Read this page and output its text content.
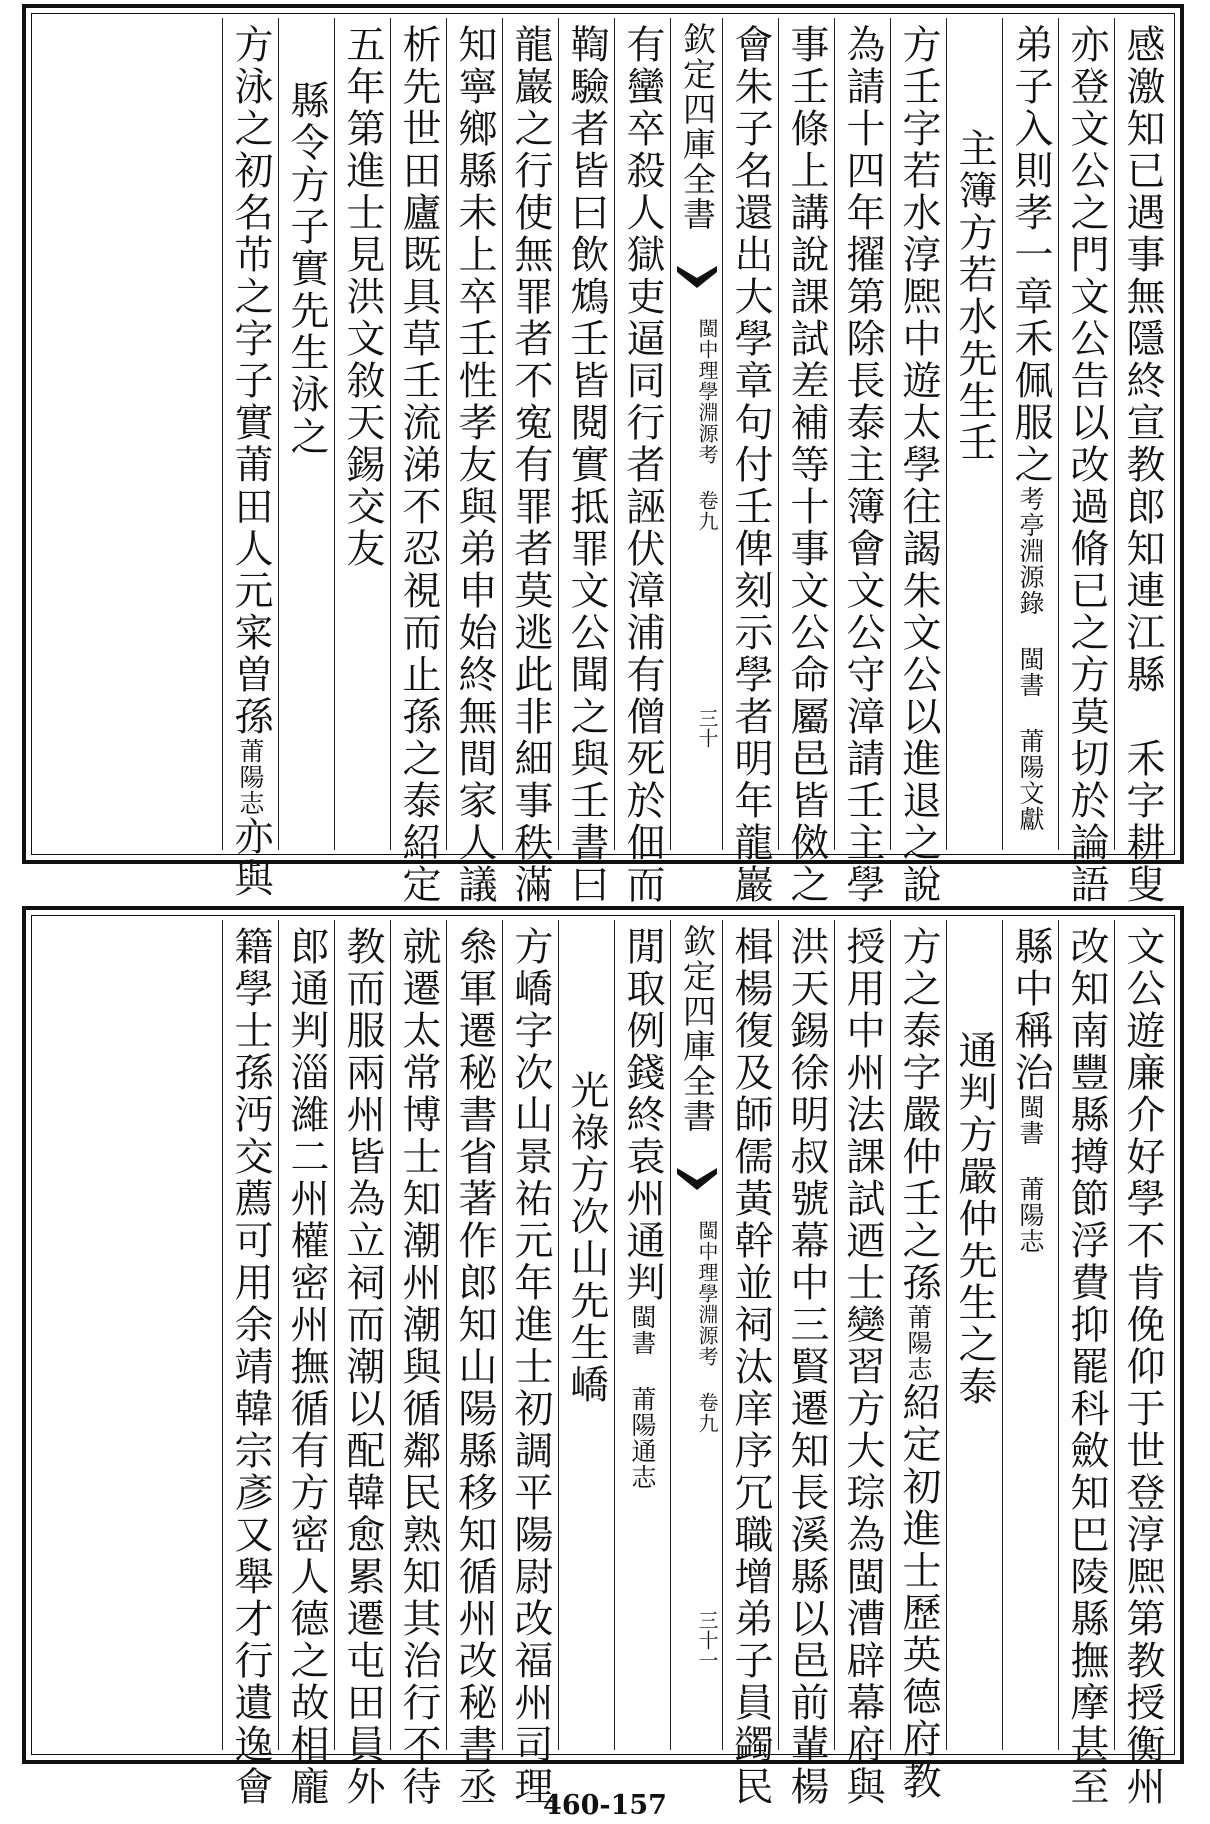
感激知已遇事無隱終宣教郎知連江縣　禾字耕叟
亦登文公之門文公告以改過脩已之方莫切於論語
弟子入則孝一章禾佩服之考亭淵源錄 閩書 莆陽文獻
主簿方若水先生壬
方壬字若水淳熈中遊太學往謁朱文公以進退之說
為請十四年擢第除長泰主簿會文公守漳請壬主學
事壬條上講說課試差補等十事文公命屬邑皆傚之
會朱子名還出大學章句付壬俾刻示學者明年龍巖
欽定四庫全書
閩中理學淵源考 卷九
三十
有蠻卒殺人獄吏逼同行者誣伏漳浦有僧死於佃而
鞫驗者皆曰飲鴆壬皆閱實抵罪文公聞之與壬書曰
龍巖之行使無罪者不寃有罪者莫逃此非細事秩滿
知寧鄉縣未上卒壬性孝友與弟申始終無間家人議
析先世田廬既具草壬流涕不忍視而止孫之泰紹定
五年第進士見洪文敘天錫交友
縣令方子實先生泳之
方泳之初名芇之字子實莆田人元寀曽孫莆陽志亦與
文公遊廉介好學不肯俛仰于世登淳熈第教授衡州
改知南豐縣撙節浮費抑罷科斂知巴陵縣撫摩甚至
縣中稱治閩書 莆陽志
通判方嚴仲先生之泰
方之泰字嚴仲壬之孫莆陽志紹定初進士歷英德府教
授用中州法課試迺士變習方大琮為閩漕辟幕府與
洪天錫徐明叔號幕中三賢遷知長溪縣以邑前輩楊
楫楊復及師儒黃幹並祠汰庠序冗職增弟子員蠲民
欽定四庫全書
閩中理學淵源考 卷九
三十一
閒取例錢終袁州通判閩書 莆陽通志
光祿方次山先生嶠
方嶠字次山景祐元年進士初調平陽尉改福州司理
叅軍遷秘書省著作郎知山陽縣移知循州改秘書丞
就遷太常博士知潮州潮與循鄰民熟知其治行不待
教而服兩州皆為立祠而潮以配韓愈累遷屯田員外
郎通判淄濰二州權密州撫循有方密人德之故相龐
籍學士孫沔交薦可用余靖韓宗彥又舉才行遺逸會	460-157
